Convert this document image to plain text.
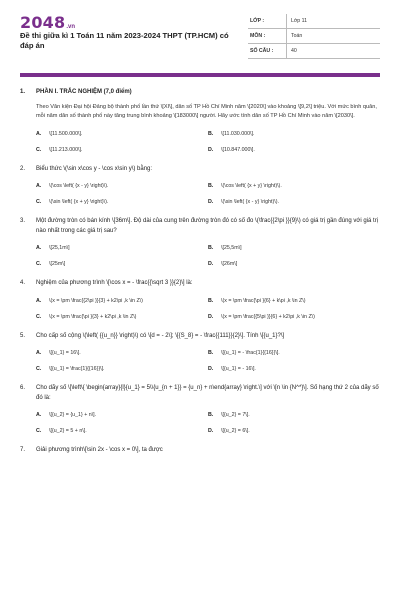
2048 .vn
Đề thi giữa kì 1 Toán 11 năm 2023-2024 THPT (TP.HCM) có đáp án
LỚP :	Lớp 11
MÔN :	Toán
SỐ CÂU :	40
1.	PHẦN I. TRẮC NGHIỆM (7,0 điểm)
Theo Văn kiện Đại hội Đảng bộ thành phố lần thứ \[XI\], dân số TP Hồ Chí Minh năm \[2020\] vào khoảng \[9,2\] triệu. Với mức bình quân, mỗi năm dân số thành phố này tăng trung bình khoảng \[183000\] người. Hãy ước tính dân số TP Hồ Chí Minh vào năm \[2030\].
A.	\[11.500.000\].	B.	\[11.030.000\].
C.	\[11.213.000\].	D.	\[10.847.000\].
2.	Biểu thức \(\sin x\cos y - \cos x\sin y\) bằng:
A.	\(\cos \left( {x - y} \right)\).	B.	\(\cos \left( {x + y} \right)\).
C.	\(\sin \left( {x + y} \right)\).	D.	\(\sin \left( {x - y} \right)\).
3.	Một đường tròn có bán kính \[36m\]. Độ dài của cung trên đường tròn đó có số đo \(\frac{{2\pi }}{9}\) có giá trị gần đúng với giá trị nào nhất trong các giá trị sau?
A.	\[25,1m\]	B.	\[25,5m\]
C.	\[25m\]	D.	\[26m\]
4.	Nghiệm của phương trình \[\cos x = - \frac{{\sqrt 3 }}{2}\] là:
A.	\(x = \pm \frac{{2\pi }}{3} + k2\pi ,k \in Z\)	B.	\(x = \pm \frac{\pi }{6} + k\pi ,k \in Z\)
C.	\(x = \pm \frac{\pi }{3} + k2\pi ,k \in Z\)	D.	\(x = \pm \frac{{5\pi }}{6} + k2\pi ,k \in Z\)
5.	Cho cấp số cộng \(\left( {{u_n}} \right)\) có \[d = - 2\]; \[{S_8} = - \frac{{111}}{2}\]. Tính \[{u_1}?\]
A.	\[{u_1} = 16\].	B.	\[{u_1} = - \frac{1}{{16}}\].
C.	\[{u_1} = \frac{1}{{16}}\].	D.	\[{u_1} = - 16\].
6.	Cho dãy số \[\left\{ \begin{array}{l}{u_1} = 5\\{u_{n + 1}} = {u_n} + n\end{array} \right.\] với \[n \in {N^*}\]. Số hạng thứ 2 của dãy số đó là:
A.	\[{u_2} = {u_1} + n\].	B.	\[{u_2} = 7\].
C.	\[{u_2} = 5 + n\].	D.	\[{u_2} = 6\].
7.	Giải phương trình\[\sin 2x - \cos x = 0\], ta được
